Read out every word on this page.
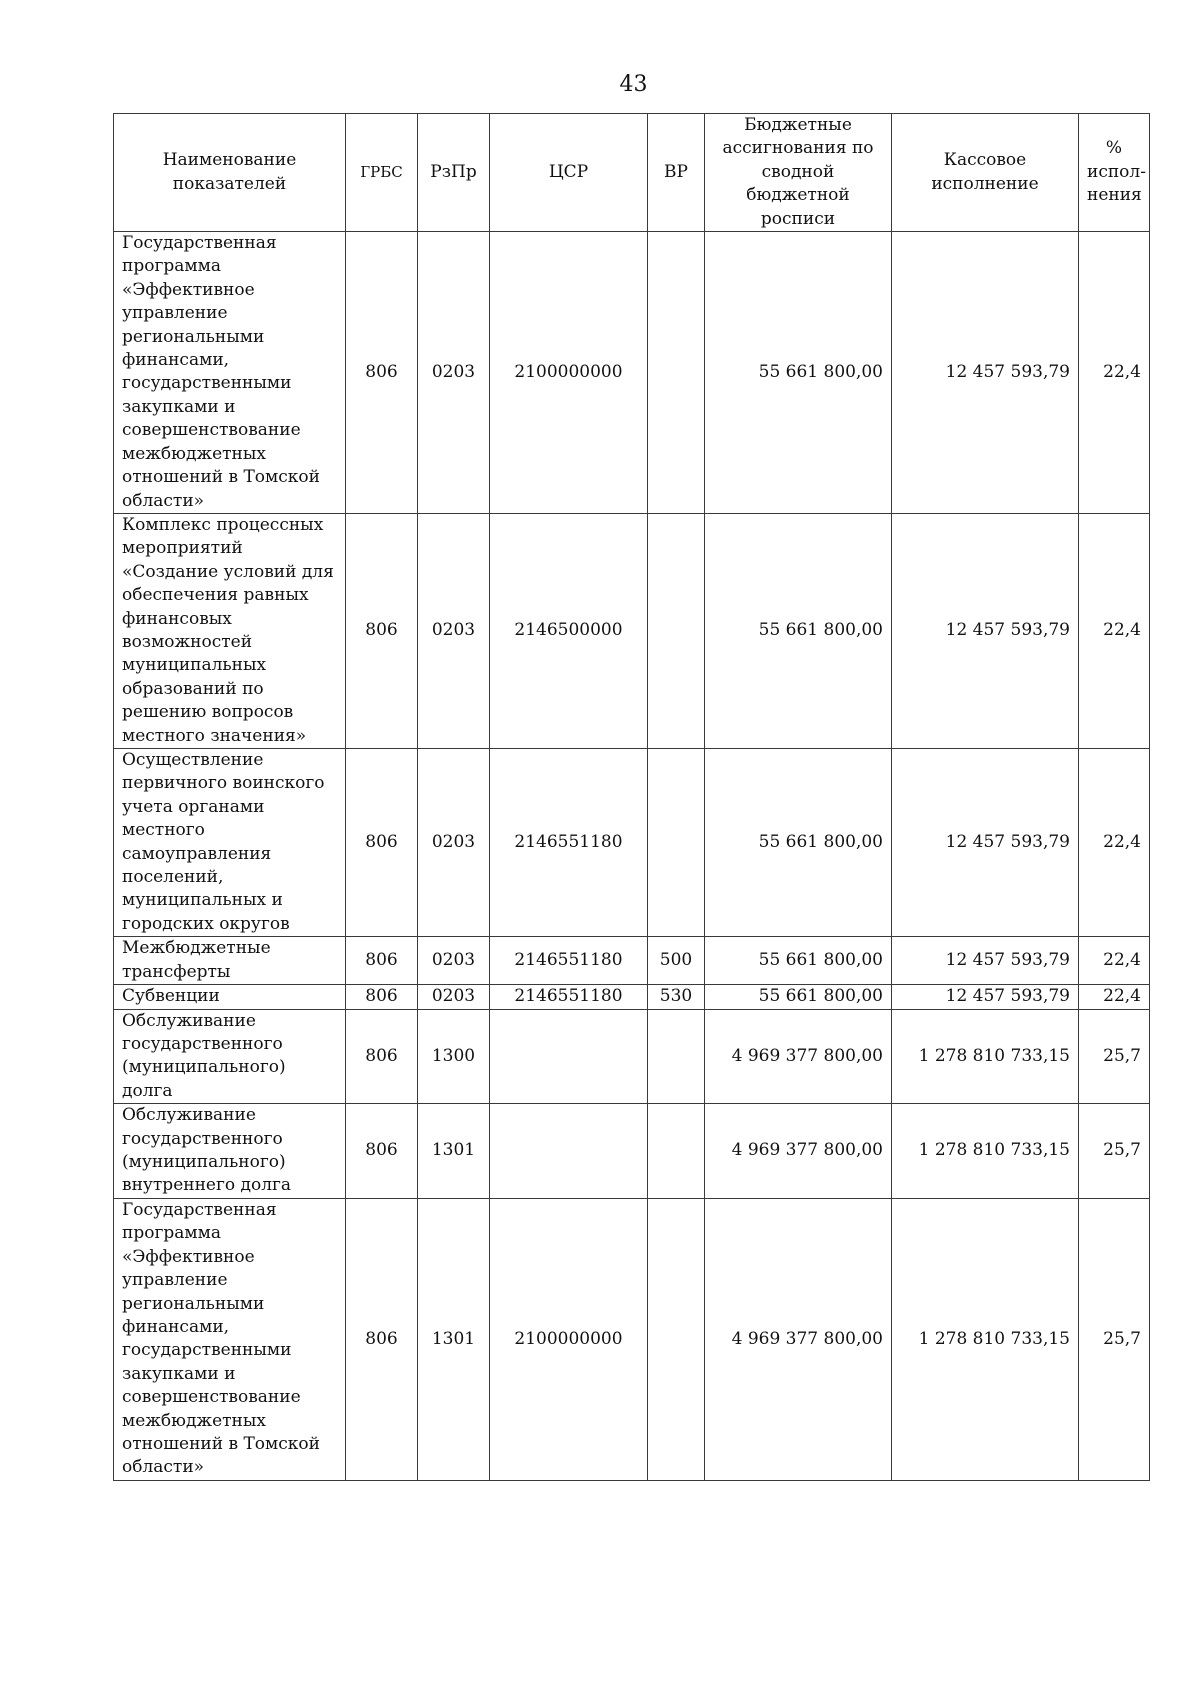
43
Наименование показателей	ГРБС	РзПр	ЦСР	ВР	Бюджетные ассигнования по сводной бюджетной росписи	Кассовое исполнение	% испол-нения
Государственная программа «Эффективное управление региональными финансами, государственными закупками и совершенствование межбюджетных отношений в Томской области»	806	0203	2100000000		55 661 800,00	12 457 593,79	22,4
Комплекс процессных мероприятий «Создание условий для обеспечения равных финансовых возможностей муниципальных образований по решению вопросов местного значения»	806	0203	2146500000		55 661 800,00	12 457 593,79	22,4
Осуществление первичного воинского учета органами местного самоуправления поселений, муниципальных и городских округов	806	0203	2146551180		55 661 800,00	12 457 593,79	22,4
Межбюджетные трансферты	806	0203	2146551180	500	55 661 800,00	12 457 593,79	22,4
Субвенции	806	0203	2146551180	530	55 661 800,00	12 457 593,79	22,4
Обслуживание государственного (муниципального) долга	806	1300			4 969 377 800,00	1 278 810 733,15	25,7
Обслуживание государственного (муниципального) внутреннего долга	806	1301			4 969 377 800,00	1 278 810 733,15	25,7
Государственная программа «Эффективное управление региональными финансами, государственными закупками и совершенствование межбюджетных отношений в Томской области»	806	1301	2100000000		4 969 377 800,00	1 278 810 733,15	25,7
